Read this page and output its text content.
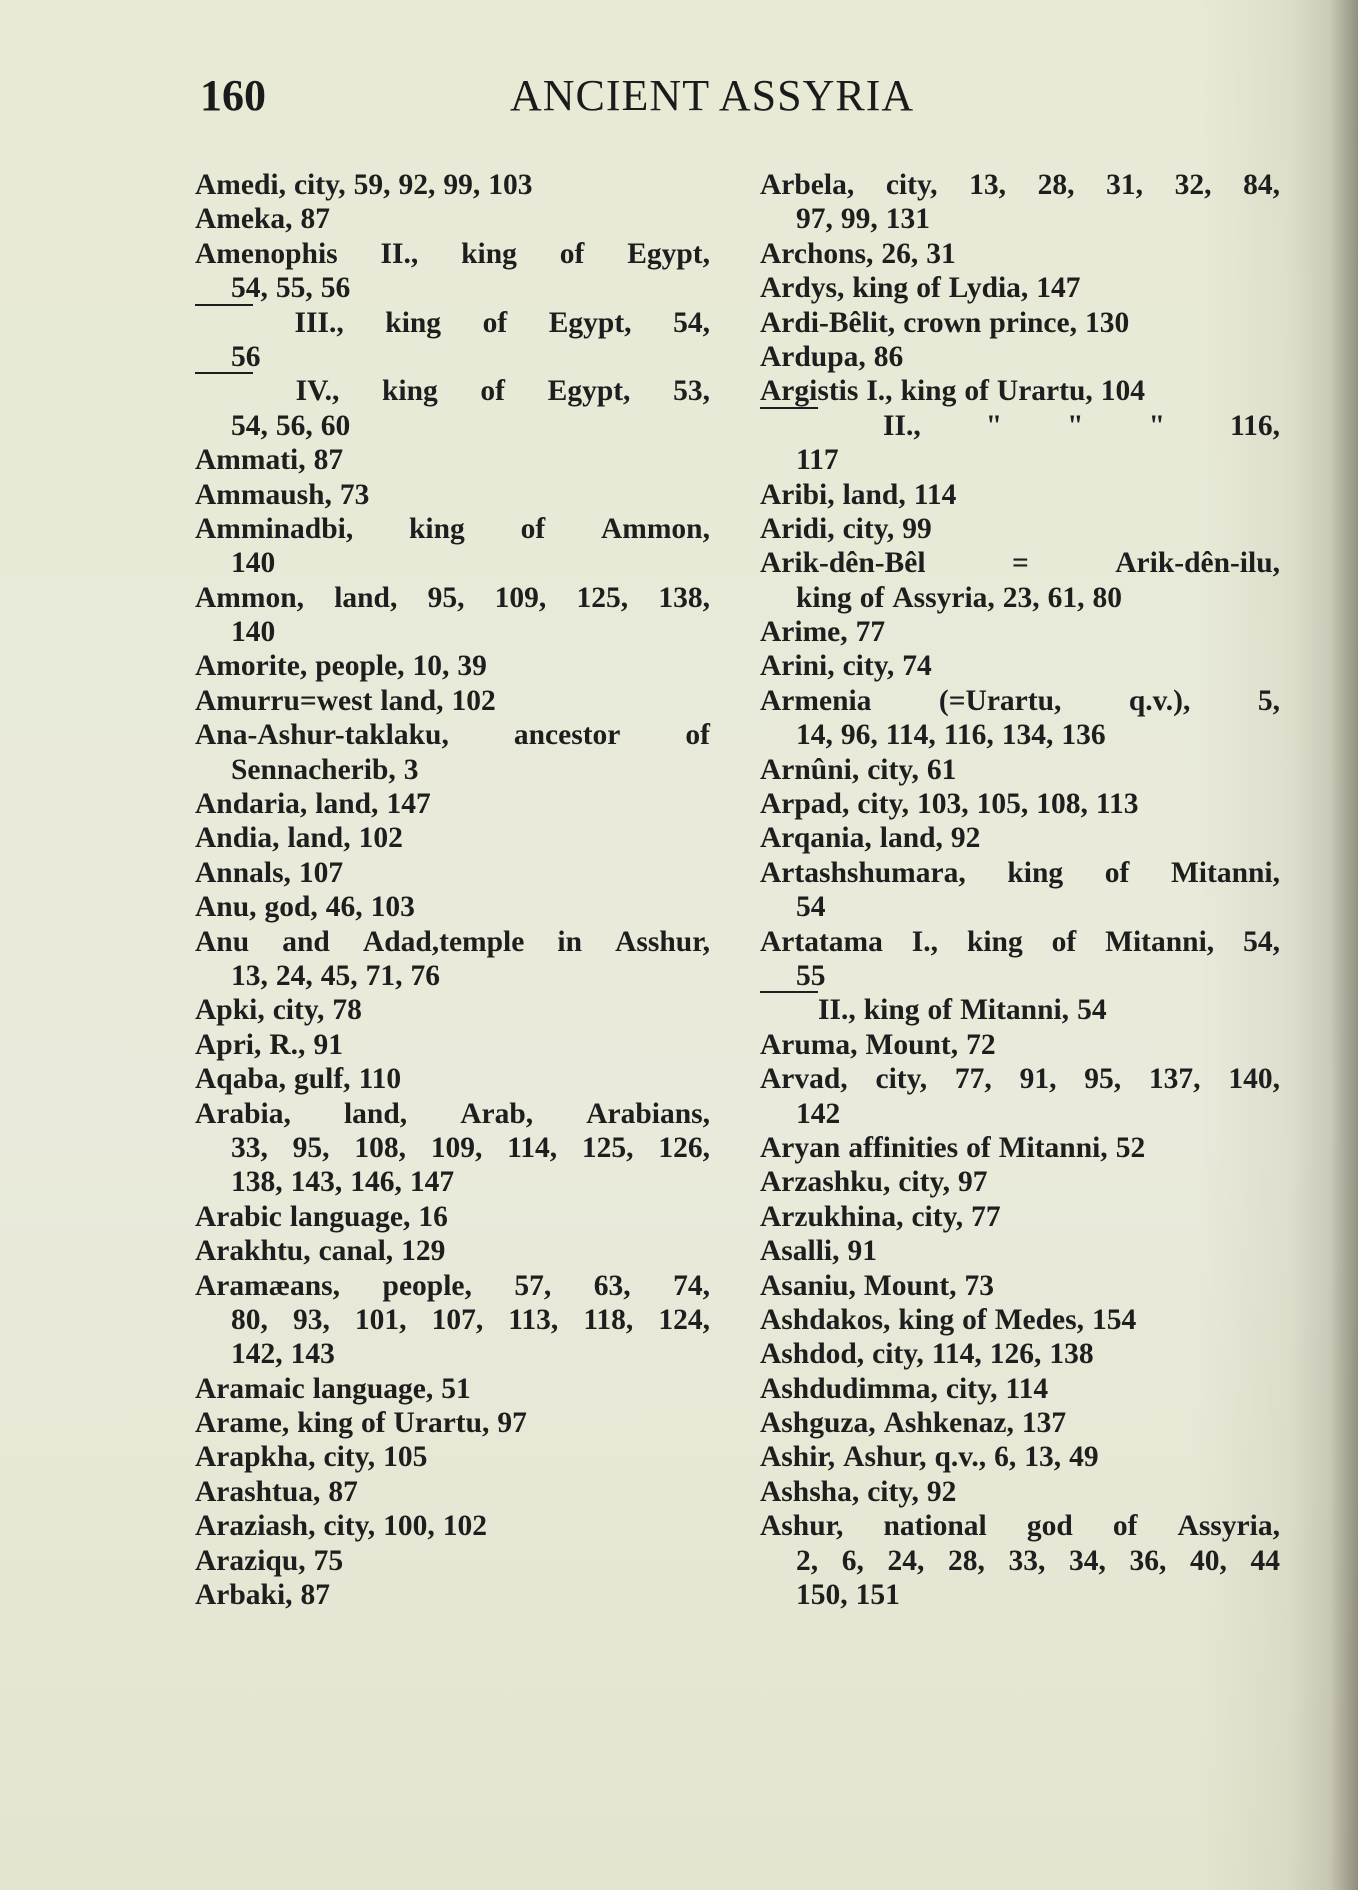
160	ANCIENT ASSYRIA
Amedi, city, 59, 92, 99, 103
Ameka, 87
Amenophis II., king of Egypt,
54, 55, 56
III., king of Egypt, 54,
56
IV., king of Egypt, 53,
54, 56, 60
Ammati, 87
Ammaush, 73
Amminadbi, king of Ammon,
140
Ammon, land, 95, 109, 125, 138,
140
Amorite, people, 10, 39
Amurru=west land, 102
Ana-Ashur-taklaku, ancestor of
Sennacherib, 3
Andaria, land, 147
Andia, land, 102
Annals, 107
Anu, god, 46, 103
Anu and Adad,temple in Asshur,
13, 24, 45, 71, 76
Apki, city, 78
Apri, R., 91
Aqaba, gulf, 110
Arabia, land, Arab, Arabians,
33, 95, 108, 109, 114, 125, 126,
138, 143, 146, 147
Arabic language, 16
Arakhtu, canal, 129
Aramæans, people, 57, 63, 74,
80, 93, 101, 107, 113, 118, 124,
142, 143
Aramaic language, 51
Arame, king of Urartu, 97
Arapkha, city, 105
Arashtua, 87
Araziash, city, 100, 102
Araziqu, 75
Arbaki, 87
Arbela, city, 13, 28, 31, 32, 84,
97, 99, 131
Archons, 26, 31
Ardys, king of Lydia, 147
Ardi-Bêlit, crown prince, 130
Ardupa, 86
Argistis I., king of Urartu, 104
II., " " " 116,
117
Aribi, land, 114
Aridi, city, 99
Arik-dên-Bêl	=	Arik-dên-ilu,
king of Assyria, 23, 61, 80
Arime, 77
Arini, city, 74
Armenia (=Urartu, q.v.), 5,
14, 96, 114, 116, 134, 136
Arnûni, city, 61
Arpad, city, 103, 105, 108, 113
Arqania, land, 92
Artashshumara, king of Mitanni,
54
Artatama I., king of Mitanni, 54,
55
II., king of Mitanni, 54
Aruma, Mount, 72
Arvad, city, 77, 91, 95, 137, 140,
142
Aryan affinities of Mitanni, 52
Arzashku, city, 97
Arzukhina, city, 77
Asalli, 91
Asaniu, Mount, 73
Ashdakos, king of Medes, 154
Ashdod, city, 114, 126, 138
Ashdudimma, city, 114
Ashguza, Ashkenaz, 137
Ashir, Ashur, q.v., 6, 13, 49
Ashsha, city, 92
Ashur, national god of Assyria,
2, 6, 24, 28, 33, 34, 36, 40, 44
150, 151
